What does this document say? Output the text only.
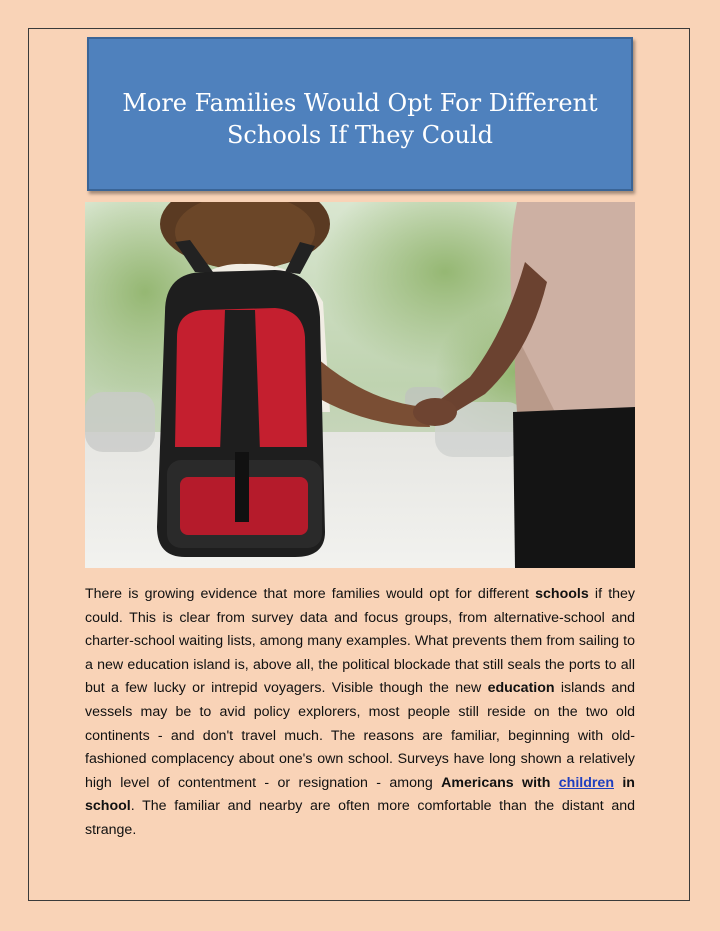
More Families Would Opt For Different Schools If They Could

There is growing evidence that more families would opt for different schools if they could. This is clear from survey data and focus groups, from alternative-school and charter-school waiting lists, among many examples. What prevents them from sailing to a new education island is, above all, the political blockade that still seals the ports to all but a few lucky or intrepid voyagers. Visible though the new education islands and vessels may be to avid policy explorers, most people still reside on the two old continents - and don't travel much. The reasons are familiar, beginning with old-fashioned complacency about one's own school. Surveys have long shown a relatively high level of contentment - or resignation - among Americans with children in school. The familiar and nearby are often more comfortable than the distant and strange.
